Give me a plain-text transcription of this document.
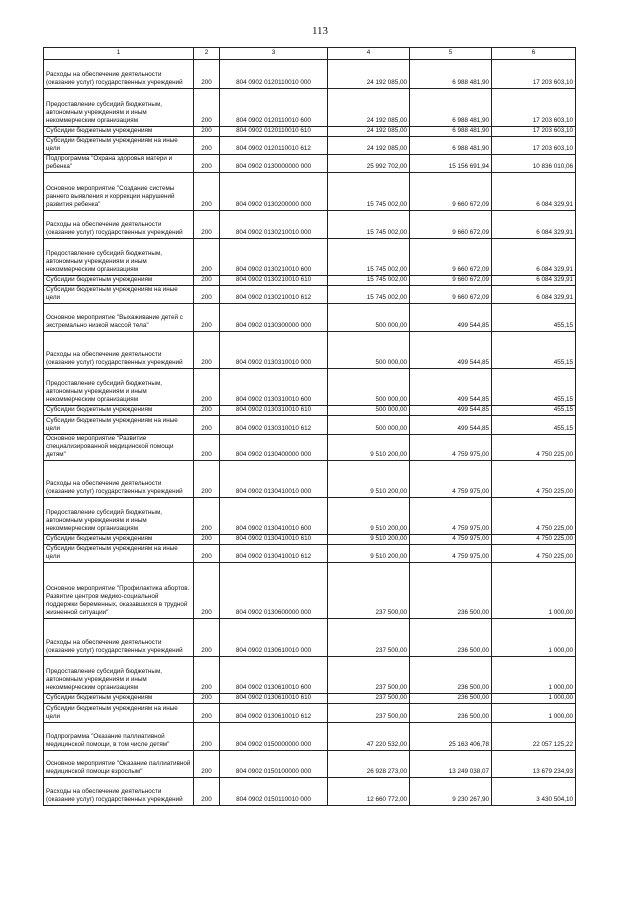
113
1	2	3	4	5	6
Расходы на обеспечение деятельности (оказание услуг) государственных учреждений	200	804 0902 0120110010 000	24 192 085,00	6 988 481,90	17 203 603,10
Предоставление субсидий бюджетным, автономным учреждениям и иным некоммерческим организациям	200	804 0902 0120110010 600	24 192 085,00	6 988 481,90	17 203 603,10
Субсидии бюджетным учреждениям	200	804 0902 0120110010 610	24 192 085,00	6 988 481,90	17 203 603,10
Субсидии бюджетным учреждениям на иные цели	200	804 0902 0120110010 612	24 192 085,00	6 988 481,90	17 203 603,10
Подпрограмма "Охрана здоровья матери и ребенка"	200	804 0902 0130000000 000	25 992 702,00	15 156 691,94	10 836 010,06
Основное мероприятие "Создание системы раннего выявления и коррекции нарушений развития ребенка"	200	804 0902 0130200000 000	15 745 002,00	9 660 672,09	6 084 329,91
Расходы на обеспечение деятельности (оказание услуг) государственных учреждений	200	804 0902 0130210010 000	15 745 002,00	9 660 672,09	6 084 329,91
Предоставление субсидий бюджетным, автономным учреждениям и иным некоммерческим организациям	200	804 0902 0130210010 600	15 745 002,00	9 660 672,09	6 084 329,91
Субсидии бюджетным учреждениям	200	804 0902 0130210010 610	15 745 002,00	9 660 672,09	6 084 329,91
Субсидии бюджетным учреждениям на иные цели	200	804 0902 0130210010 612	15 745 002,00	9 660 672,09	6 084 329,91
Основное мероприятие "Выхаживание детей с экстремально низкой массой тела"	200	804 0902 0130300000 000	500 000,00	499 544,85	455,15
Расходы на обеспечение деятельности (оказание услуг) государственных учреждений	200	804 0902 0130310010 000	500 000,00	499 544,85	455,15
Предоставление субсидий бюджетным, автономным учреждениям и иным некоммерческим организациям	200	804 0902 0130310010 600	500 000,00	499 544,85	455,15
Субсидии бюджетным учреждениям	200	804 0902 0130310010 610	500 000,00	499 544,85	455,15
Субсидии бюджетным учреждениям на иные цели	200	804 0902 0130310010 612	500 000,00	499 544,85	455,15
Основное мероприятие "Развитие специализированной медицинской помощи детям"	200	804 0902 0130400000 000	9 510 200,00	4 759 975,00	4 750 225,00
Расходы на обеспечение деятельности (оказание услуг) государственных учреждений	200	804 0902 0130410010 000	9 510 200,00	4 759 975,00	4 750 225,00
Предоставление субсидий бюджетным, автономным учреждениям и иным некоммерческим организациям	200	804 0902 0130410010 600	9 510 200,00	4 759 975,00	4 750 225,00
Субсидии бюджетным учреждениям	200	804 0902 0130410010 610	9 510 200,00	4 759 975,00	4 750 225,00
Субсидии бюджетным учреждениям на иные цели	200	804 0902 0130410010 612	9 510 200,00	4 759 975,00	4 750 225,00
Основное мероприятие "Профилактика абортов. Развитие центров медико-социальной поддержки беременных, оказавшихся в трудной жизненной ситуации"	200	804 0902 0130600000 000	237 500,00	236 500,00	1 000,00
Расходы на обеспечение деятельности (оказание услуг) государственных учреждений	200	804 0902 0130610010 000	237 500,00	236 500,00	1 000,00
Предоставление субсидий бюджетным, автономным учреждениям и иным некоммерческим организациям	200	804 0902 0130610010 600	237 500,00	236 500,00	1 000,00
Субсидии бюджетным учреждениям	200	804 0902 0130610010 610	237 500,00	236 500,00	1 000,00
Субсидии бюджетным учреждениям на иные цели	200	804 0902 0130610010 612	237 500,00	236 500,00	1 000,00
Подпрограмма "Оказание паллиативной медицинской помощи, в том числе детям"	200	804 0902 0150000000 000	47 220 532,00	25 163 406,78	22 057 125,22
Основное мероприятие "Оказание паллиативной медицинской помощи взрослым"	200	804 0902 0150100000 000	26 928 273,00	13 249 038,07	13 679 234,93
Расходы на обеспечение деятельности (оказание услуг) государственных учреждений	200	804 0902 0150110010 000	12 660 772,00	9 230 267,90	3 430 504,10
